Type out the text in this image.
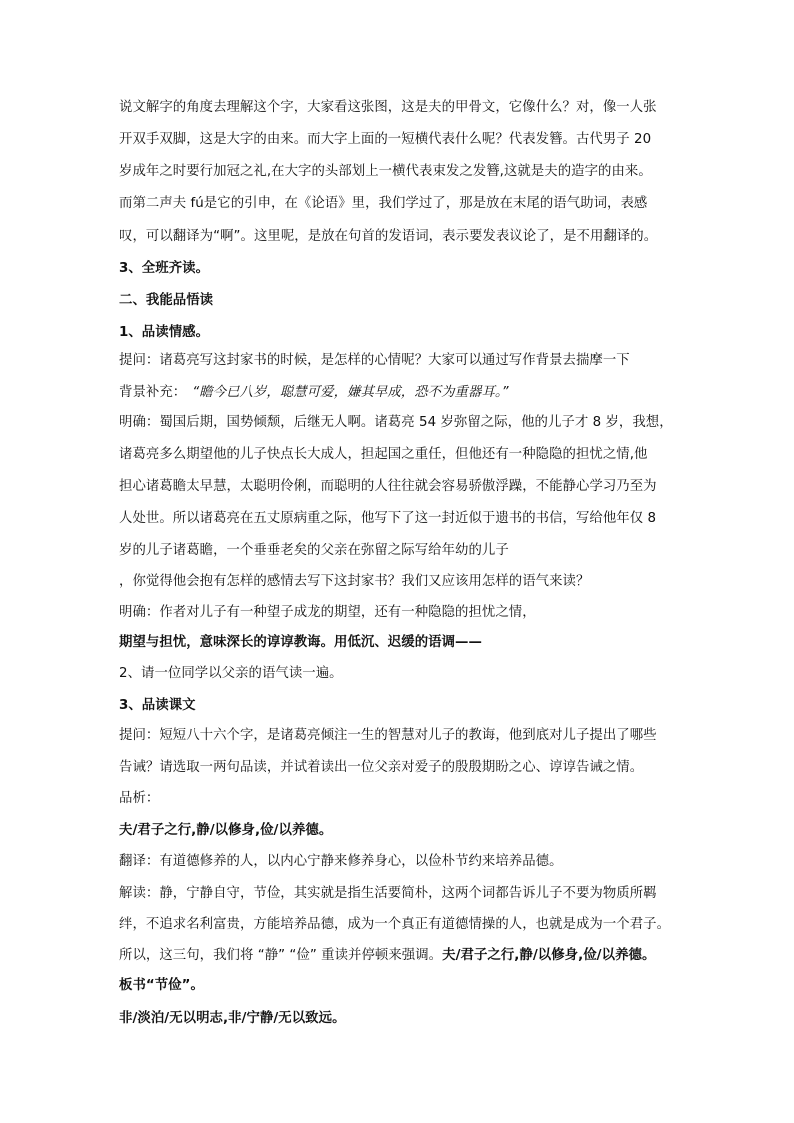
说文解字的角度去理解这个字，大家看这张图，这是夫的甲骨文，它像什么？对，像一人张
开双手双脚，这是大字的由来。而大字上面的一短横代表什么呢？代表发簪。古代男子 20
岁成年之时要行加冠之礼,在大字的头部划上一横代表束发之发簪,这就是夫的造字的由来。
而第二声夫 fú是它的引申，在《论语》里，我们学过了，那是放在末尾的语气助词，表感
叹，可以翻译为“啊”。这里呢，是放在句首的发语词，表示要发表议论了，是不用翻译的。
3、全班齐读。
二、我能品悟读
1、品读情感。
提问：诸葛亮写这封家书的时候，是怎样的心情呢？大家可以通过写作背景去揣摩一下
背景补充： “瞻今已八岁，聪慧可爱，嫌其早成，恐不为重器耳。”
明确：蜀国后期，国势倾颓，后继无人啊。诸葛亮 54 岁弥留之际，他的儿子才 8 岁，我想，
诸葛亮多么期望他的儿子快点长大成人，担起国之重任，但他还有一种隐隐的担忧之情,他
担心诸葛瞻太早慧，太聪明伶俐，而聪明的人往往就会容易骄傲浮躁，不能静心学习乃至为
人处世。所以诸葛亮在五丈原病重之际，他写下了这一封近似于遗书的书信，写给他年仅 8
岁的儿子诸葛瞻，一个垂垂老矣的父亲在弥留之际写给年幼的儿子
，你觉得他会抱有怎样的感情去写下这封家书？我们又应该用怎样的语气来读？
明确：作者对儿子有一种望子成龙的期望，还有一种隐隐的担忧之情，
期望与担忧，意味深长的谆谆教诲。用低沉、迟缓的语调——
2、请一位同学以父亲的语气读一遍。
3、品读课文
提问：短短八十六个字，是诸葛亮倾注一生的智慧对儿子的教诲，他到底对儿子提出了哪些
告诫？请选取一两句品读，并试着读出一位父亲对爱子的殷殷期盼之心、谆谆告诫之情。
品析：
夫/君子之行,静/以修身,俭/以养德。
翻译：有道德修养的人，以内心宁静来修养身心，以俭朴节约来培养品德。
解读：静，宁静自守，节俭，其实就是指生活要简朴，这两个词都告诉儿子不要为物质所羁
绊，不追求名利富贵，方能培养品德，成为一个真正有道德情操的人，也就是成为一个君子。
所以，这三句，我们将 “静” “俭” 重读并停顿来强调。夫/君子之行,静/以修身,俭/以养德。
板书“节俭”。
非/淡泊/无以明志,非/宁静/无以致远。
